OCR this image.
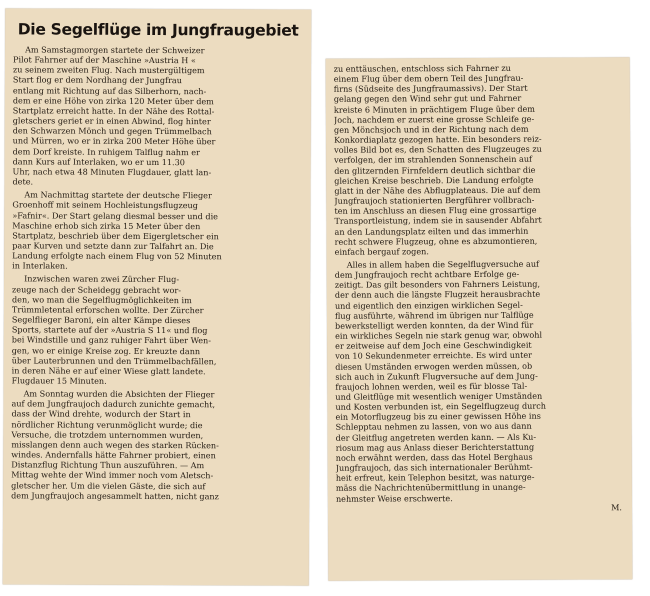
Die Segelflüge im Jungfraugebiet

Am Samstagmorgen startete der Schweizer
Pilot Fahrner auf der Maschine »Austria H «
zu seinem zweiten Flug. Nach mustergültigem
Start flog er dem Nordhang der Jungfrau
entlang mit Richtung auf das Silberhorn, nach-
dem er eine Höhe von zirka 120 Meter über dem
Startplatz erreicht hatte. In der Nähe des Rottal-
gletschers geriet er in einen Abwind, flog hinter
den Schwarzen Mönch und gegen Trümmelbach
und Mürren, wo er in zirka 200 Meter Höhe über
dem Dorf kreiste. In ruhigem Talflug nahm er
dann Kurs auf Interlaken, wo er um 11.30
Uhr, nach etwa 48 Minuten Flugdauer, glatt lan-
dete.

Am Nachmittag startete der deutsche Flieger
Groenhoff mit seinem Hochleistungsflugzeug
»Fafnir«. Der Start gelang diesmal besser und die
Maschine erhob sich zirka 15 Meter über den
Startplatz, beschrieb über dem Eigergletscher ein
paar Kurven und setzte dann zur Talfahrt an. Die
Landung erfolgte nach einem Flug von 52 Minuten
in Interlaken.

Inzwischen waren zwei Zürcher Flug-
zeuge nach der Scheidegg gebracht wor-
den, wo man die Segelflugmöglichkeiten im
Trümmletental erforschen wollte. Der Zürcher
Segelflieger Baroni, ein alter Kämpe dieses
Sports, startete auf der »Austria S 11« und flog
bei Windstille und ganz ruhiger Fahrt über Wen-
gen, wo er einige Kreise zog. Er kreuzte dann
über Lauterbrunnen und den Trümmelbachfällen,
in deren Nähe er auf einer Wiese glatt landete.
Flugdauer 15 Minuten.

Am Sonntag wurden die Absichten der Flieger
auf dem Jungfraujoch dadurch zunichte gemacht,
dass der Wind drehte, wodurch der Start in
nördlicher Richtung verunmöglicht wurde; die
Versuche, die trotzdem unternommen wurden,
misslangen denn auch wegen des starken Rücken-
windes. Andernfalls hätte Fahrner probiert, einen
Distanzflug Richtung Thun auszuführen. — Am
Mittag wehte der Wind immer noch vom Aletsch-
gletscher her. Um die vielen Gäste, die sich auf
dem Jungfraujoch angesammelt hatten, nicht ganz

zu enttäuschen, entschloss sich Fahrner zu
einem Flug über dem obern Teil des Jungfrau-
firns (Südseite des Jungfraumassivs). Der Start
gelang gegen den Wind sehr gut und Fahrner
kreiste 6 Minuten in prächtigem Fluge über dem
Joch, nachdem er zuerst eine grosse Schleife ge-
gen Mönchsjoch und in der Richtung nach dem
Konkordiaplatz gezogen hatte. Ein besonders reiz-
volles Bild bot es, den Schatten des Flugzeuges zu
verfolgen, der im strahlenden Sonnenschein auf
den glitzernden Firnfeldern deutlich sichtbar die
gleichen Kreise beschrieb. Die Landung erfolgte
glatt in der Nähe des Abflugplateaus. Die auf dem
Jungfraujoch stationierten Bergführer vollbrach-
ten im Anschluss an diesen Flug eine grossartige
Transportleistung, indem sie in sausender Abfahrt
an den Landungsplatz eilten und das immerhin
recht schwere Flugzeug, ohne es abzumontieren,
einfach bergauf zogen.

Alles in allem haben die Segelflugversuche auf
dem Jungfraujoch recht achtbare Erfolge ge-
zeitigt. Das gilt besonders von Fahrners Leistung,
der denn auch die längste Flugzeit herausbrachte
und eigentlich den einzigen wirklichen Segel-
flug ausführte, während im übrigen nur Talflüge
bewerkstelligt werden konnten, da der Wind für
ein wirkliches Segeln nie stark genug war, obwohl
er zeitweise auf dem Joch eine Geschwindigkeit
von 10 Sekundenmeter erreichte. Es wird unter
diesen Umständen erwogen werden müssen, ob
sich auch in Zukunft Flugversuche auf dem Jung-
fraujoch lohnen werden, weil es für blosse Tal-
und Gleitflüge mit wesentlich weniger Umständen
und Kosten verbunden ist, ein Segelflugzeug durch
ein Motorflugzeug bis zu einer gewissen Höhe ins
Schlepptau nehmen zu lassen, von wo aus dann
der Gleitflug angetreten werden kann. — Als Ku-
riosum mag aus Anlass dieser Berichterstattung
noch erwähnt werden, dass das Hotel Berghaus
Jungfraujoch, das sich internationaler Berühmt-
heit erfreut, kein Telephon besitzt, was naturge-
mäss die Nachrichtenübermittlung in unange-
nehmster Weise erschwerte.

M.
